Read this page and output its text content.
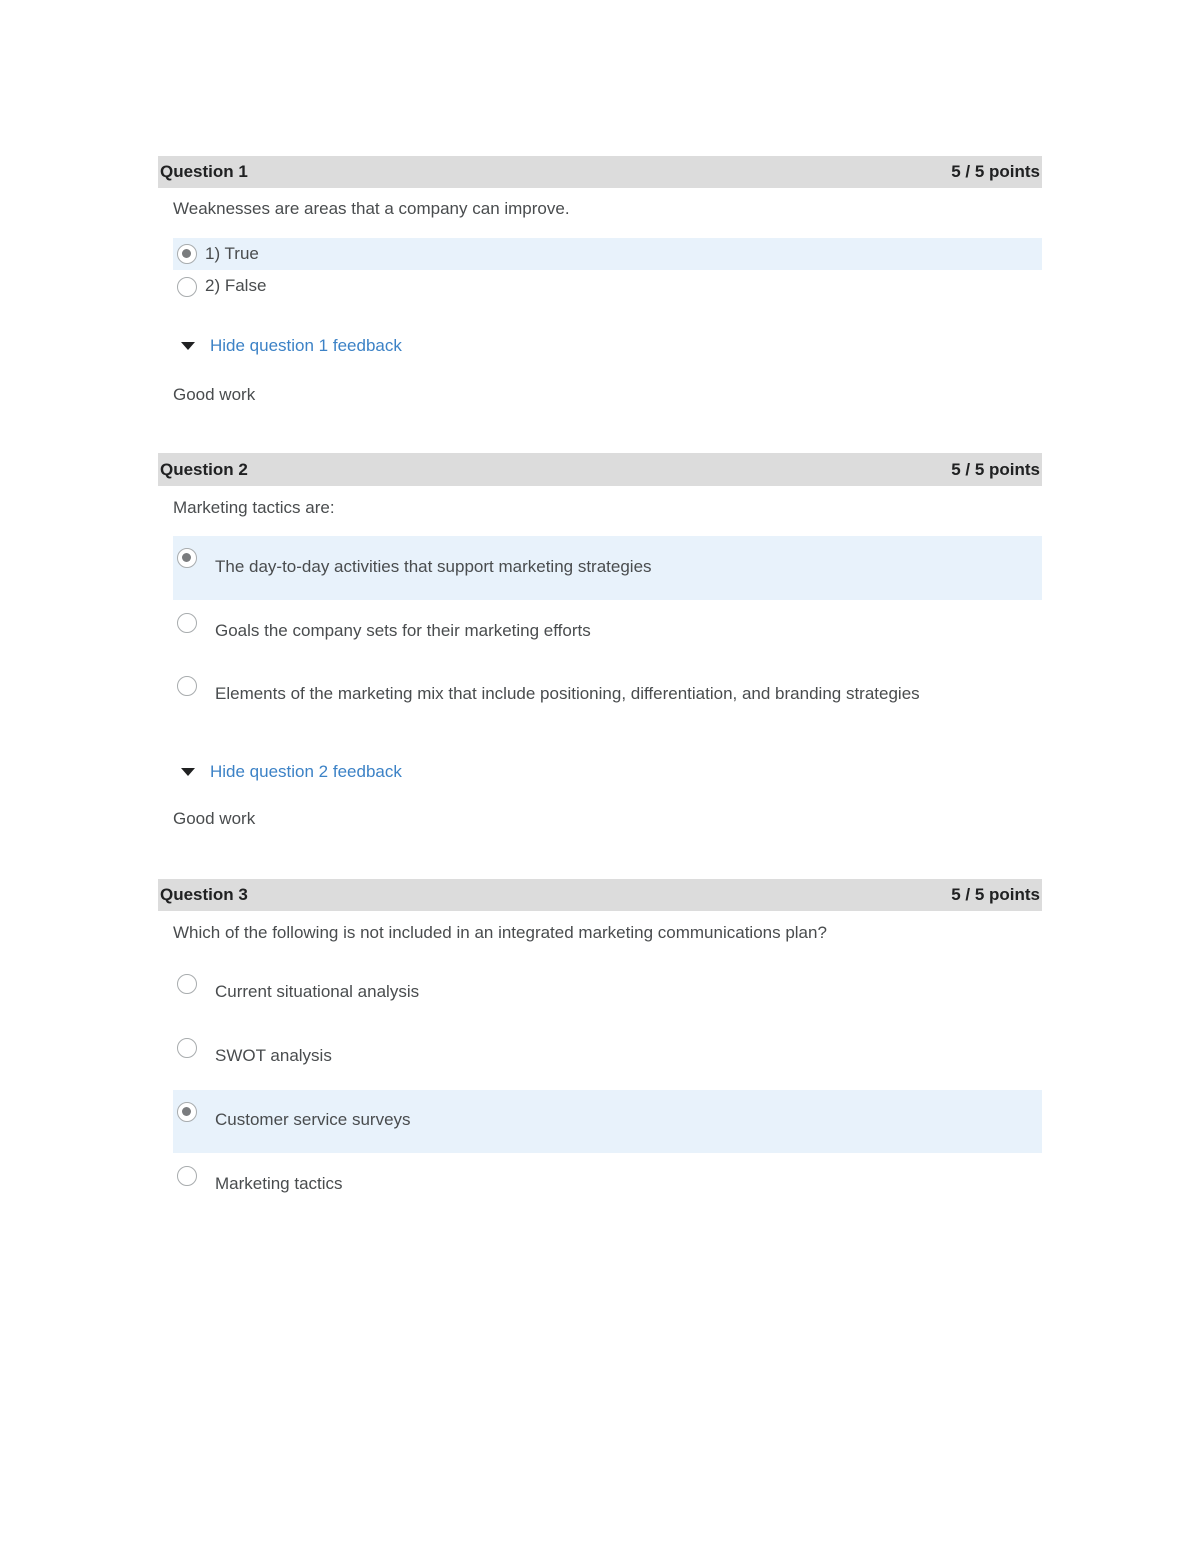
Question 1	5 / 5 points
Weaknesses are areas that a company can improve.
1) True
2) False
Hide question 1 feedback
Good work
Question 2	5 / 5 points
Marketing tactics are:
The day-to-day activities that support marketing strategies
Goals the company sets for their marketing efforts
Elements of the marketing mix that include positioning, differentiation, and branding strategies
Hide question 2 feedback
Good work
Question 3	5 / 5 points
Which of the following is not included in an integrated marketing communications plan?
Current situational analysis
SWOT analysis
Customer service surveys
Marketing tactics
